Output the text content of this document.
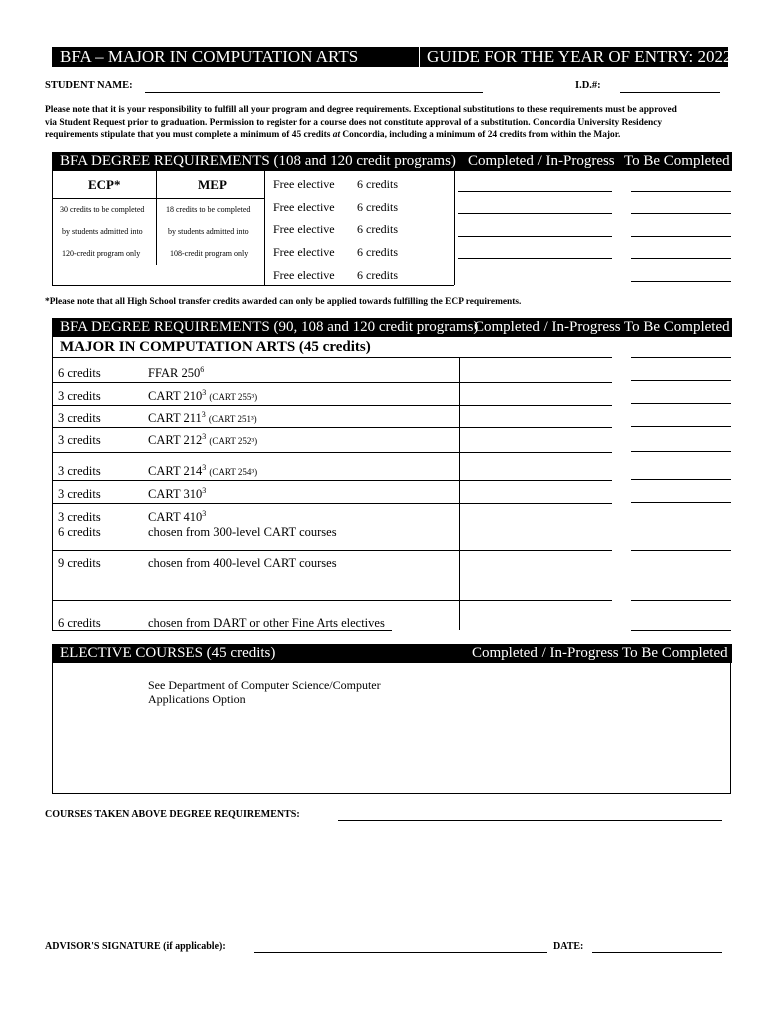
BFA – MAJOR IN COMPUTATION ARTS	GUIDE FOR THE YEAR OF ENTRY: 2022
STUDENT NAME:	I.D.#:
Please note that it is your responsibility to fulfill all your program and degree requirements. Exceptional substitutions to these requirements must be approved
via Student Request prior to graduation. Permission to register for a course does not constitute approval of a substitution. Concordia University Residency
requirements stipulate that you must complete a minimum of 45 credits at Concordia, including a minimum of 24 credits from within the Major.
BFA DEGREE REQUIREMENTS (108 and 120 credit programs) Completed / In-Progress To Be Completed
ECP*	MEP
30 credits to be completed
by students admitted into
120-credit program only
18 credits to be completed
by students admitted into
108-credit program only
Free elective 6 credits
Free elective 6 credits
Free elective 6 credits
Free elective 6 credits
Free elective 6 credits
*Please note that all High School transfer credits awarded can only be applied towards fulfilling the ECP requirements.
BFA DEGREE REQUIREMENTS (90, 108 and 120 credit programs)
Completed / In-Progress To Be Completed
MAJOR IN COMPUTATION ARTS (45 credits)
6 credits	FFAR $250^6$
3 credits	CART $210^3$ (CART 255³)
3 credits	CART $211^3$ (CART 251³)
3 credits	CART $212^3$ (CART 252³)
3 credits	CART $214^3$ (CART 254³)
3 credits	CART $310^3$
3 credits	CART $410^3$
6 credits	chosen from 300-level CART courses
9 credits	chosen from 400-level CART courses
6 credits	chosen from DART or other Fine Arts electives
ELECTIVE COURSES (45 credits)	Completed / In-Progress To Be Completed
See Department of Computer Science/Computer
Applications Option
COURSES TAKEN ABOVE DEGREE REQUIREMENTS:
ADVISOR'S SIGNATURE (if applicable):	DATE:
